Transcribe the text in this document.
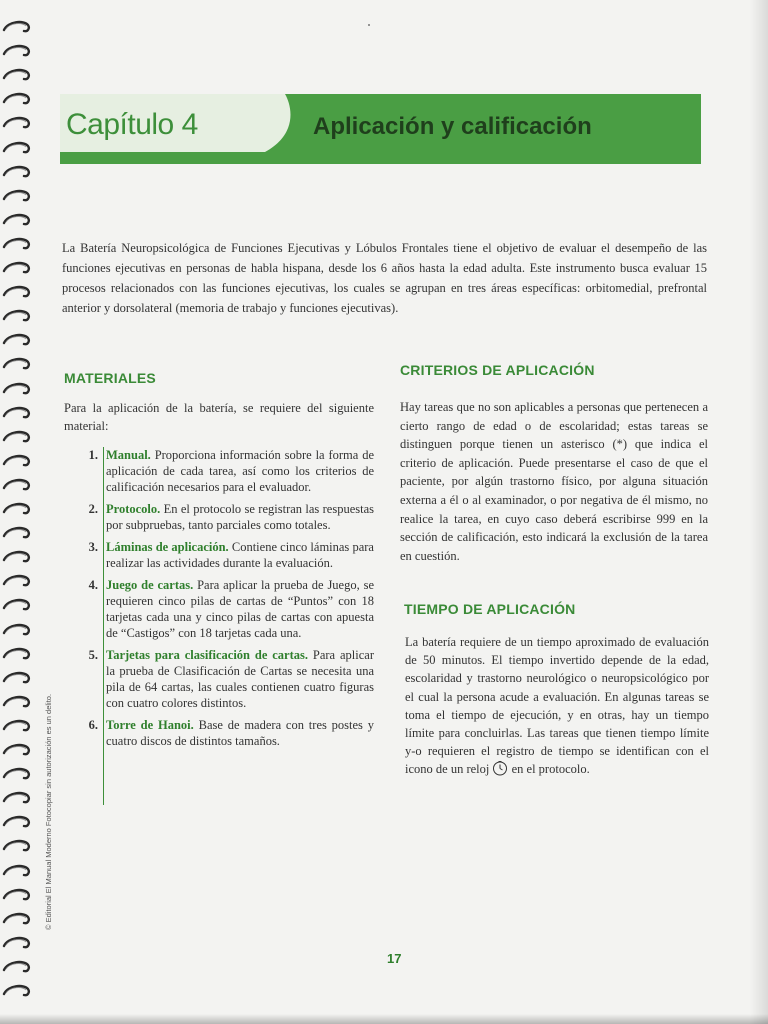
Capítulo 4	Aplicación y calificación
La Batería Neuropsicológica de Funciones Ejecutivas y Lóbulos Frontales tiene el objetivo de evaluar el desempeño de las funciones ejecutivas en personas de habla hispana, desde los 6 años hasta la edad adulta. Este instrumento busca evaluar 15 procesos relacionados con las funciones ejecutivas, los cuales se agrupan en tres áreas específicas: orbitomedial, prefrontal anterior y dorsolateral (memoria de trabajo y funciones ejecutivas).
MATERIALES
Para la aplicación de la batería, se requiere del siguiente material:
1. Manual. Proporciona información sobre la forma de aplicación de cada tarea, así como los criterios de calificación necesarios para el evaluador.
2. Protocolo. En el protocolo se registran las respuestas por subpruebas, tanto parciales como totales.
3. Láminas de aplicación. Contiene cinco láminas para realizar las actividades durante la evaluación.
4. Juego de cartas. Para aplicar la prueba de Juego, se requieren cinco pilas de cartas de “Puntos” con 18 tarjetas cada una y cinco pilas de cartas con apuesta de “Castigos” con 18 tarjetas cada una.
5. Tarjetas para clasificación de cartas. Para aplicar la prueba de Clasificación de Cartas se necesita una pila de 64 cartas, las cuales contienen cuatro figuras con cuatro colores distintos.
6. Torre de Hanoi. Base de madera con tres postes y cuatro discos de distintos tamaños.
CRITERIOS DE APLICACIÓN
Hay tareas que no son aplicables a personas que pertenecen a cierto rango de edad o de escolaridad; estas tareas se distinguen porque tienen un asterisco (*) que indica el criterio de aplicación. Puede presentarse el caso de que el paciente, por algún trastorno físico, por alguna situación externa a él o al examinador, o por negativa de él mismo, no realice la tarea, en cuyo caso deberá escribirse 999 en la sección de calificación, esto indicará la exclusión de la tarea en cuestión.
TIEMPO DE APLICACIÓN
La batería requiere de un tiempo aproximado de evaluación de 50 minutos. El tiempo invertido depende de la edad, escolaridad y trastorno neurológico o neuropsicológico por el cual la persona acude a evaluación. En algunas tareas se toma el tiempo de ejecución, y en otras, hay un tiempo límite para concluirlas. Las tareas que tienen tiempo límite y-o requieren el registro de tiempo se identifican con el icono de un reloj  en el protocolo.
© Editorial El Manual Moderno Fotocopiar sin autorización es un delito.
17
